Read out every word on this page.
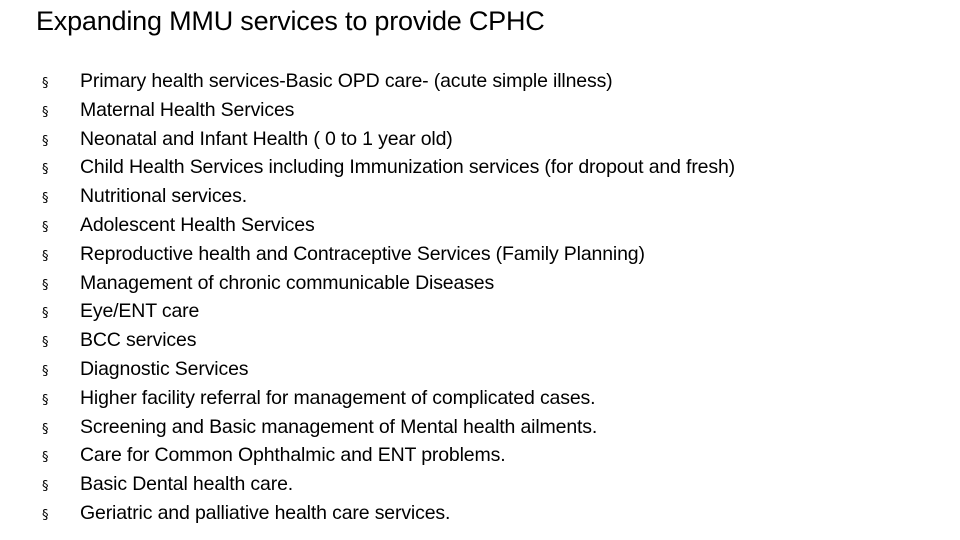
Expanding MMU services to provide CPHC
§	Primary health services-Basic OPD care- (acute simple illness)
§	Maternal Health Services
§	Neonatal and Infant Health ( 0 to 1 year old)
§	Child Health Services including Immunization services (for dropout and fresh)
§	Nutritional services.
§	Adolescent Health Services
§	Reproductive health and Contraceptive Services (Family Planning)
§	Management of chronic communicable Diseases
§	Eye/ENT care
§	BCC services
§	Diagnostic Services
§	Higher facility referral for management of complicated cases.
§	Screening and Basic management of Mental health ailments.
§	Care for Common Ophthalmic and ENT problems.
§	Basic Dental health care.
§	Geriatric and palliative health care services.
